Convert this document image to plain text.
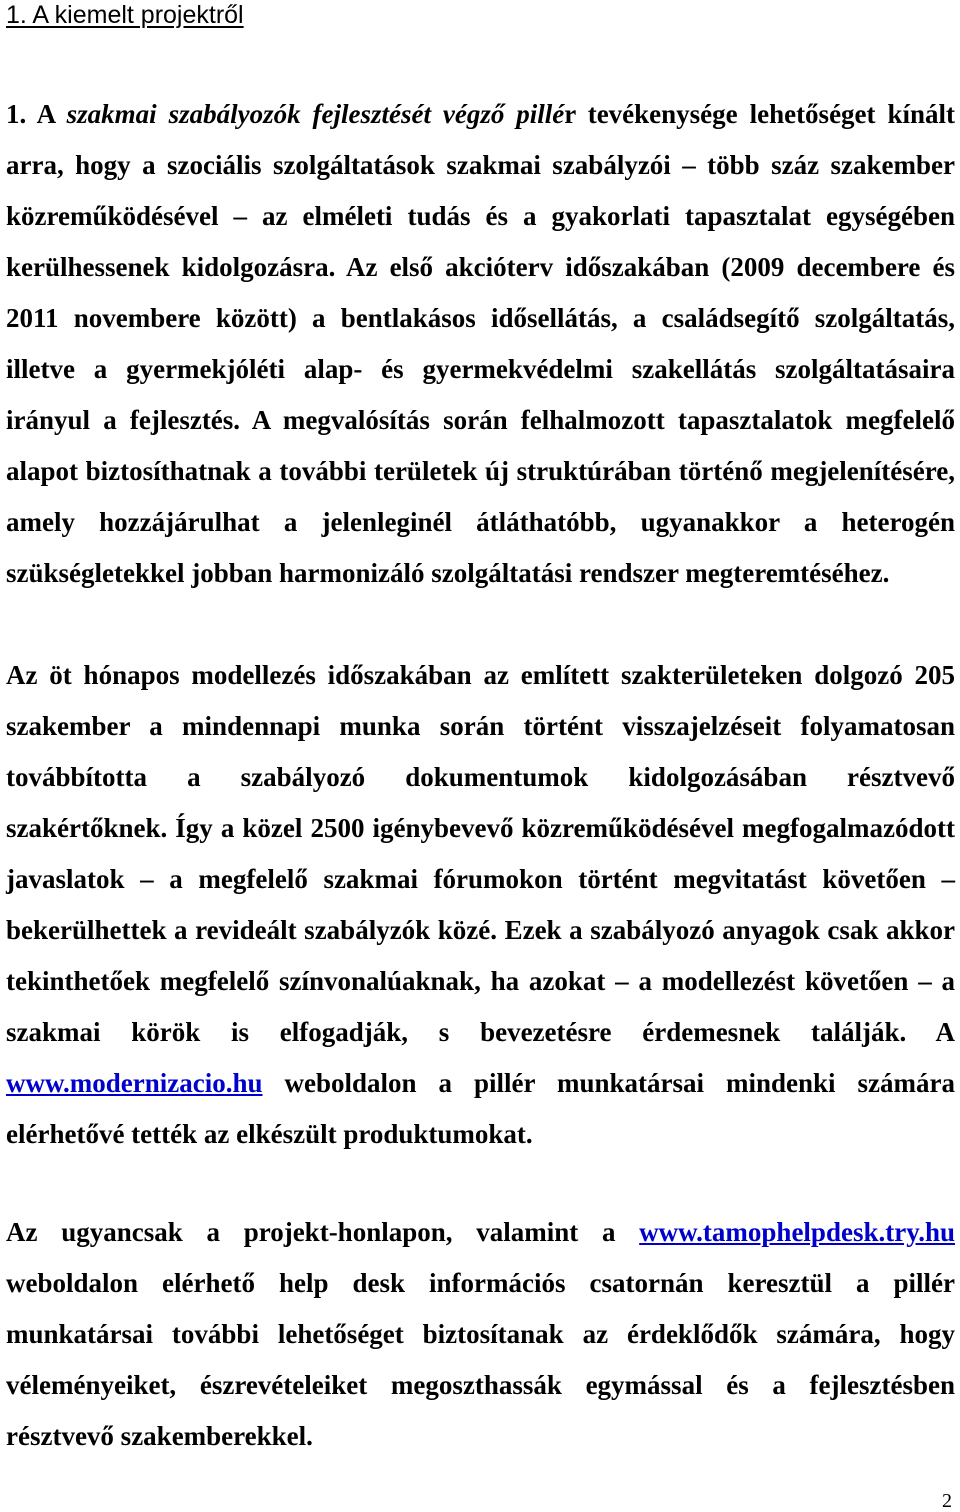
1. A kiemelt projektről

1. A szakmai szabályozók fejlesztését végző pillér tevékenysége lehetőséget kínált arra, hogy a szociális szolgáltatások szakmai szabályzói – több száz szakember közreműködésével – az elméleti tudás és a gyakorlati tapasztalat egységében kerülhessenek kidolgozásra. Az első akcióterv időszakában (2009 decembere és 2011 novembere között) a bentlakásos idősellátás, a családsegítő szolgáltatás, illetve a gyermekjóléti alap- és gyermekvédelmi szakellátás szolgáltatásaira irányul a fejlesztés. A megvalósítás során felhalmozott tapasztalatok megfelelő alapot biztosíthatnak a további területek új struktúrában történő megjelenítésére, amely hozzájárulhat a jelenleginél átláthatóbb, ugyanakkor a heterogén szükségletekkel jobban harmonizáló szolgáltatási rendszer megteremtéséhez.

Az öt hónapos modellezés időszakában az említett szakterületeken dolgozó 205 szakember a mindennapi munka során történt visszajelzéseit folyamatosan továbbította a szabályozó dokumentumok kidolgozásában résztvevő szakértőknek. Így a közel 2500 igénybevevő közreműködésével megfogalmazódott javaslatok – a megfelelő szakmai fórumokon történt megvitatást követően – bekerülhettek a revideált szabályzók közé. Ezek a szabályozó anyagok csak akkor tekinthetőek megfelelő színvonalúaknak, ha azokat – a modellezést követően – a szakmai körök is elfogadják, s bevezetésre érdemesnek találják. A www.modernizacio.hu weboldalon a pillér munkatársai mindenki számára elérhetővé tették az elkészült produktumokat.

Az ugyancsak a projekt-honlapon, valamint a www.tamophelpdesk.try.hu weboldalon elérhető help desk információs csatornán keresztül a pillér munkatársai további lehetőséget biztosítanak az érdeklődők számára, hogy véleményeiket, észrevételeiket megoszthassák egymással és a fejlesztésben résztvevő szakemberekkel.

2
